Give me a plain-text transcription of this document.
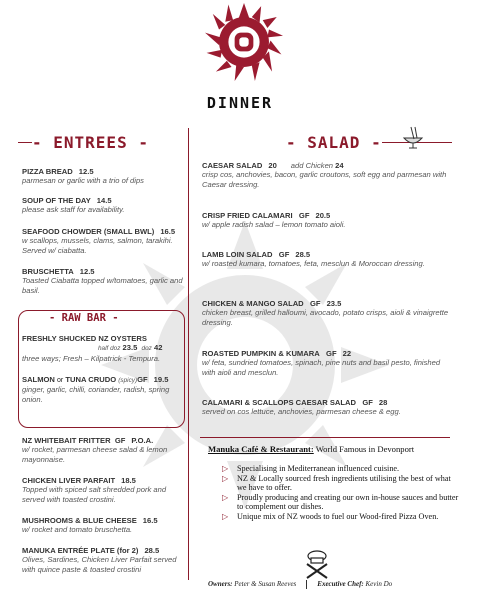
DINNER
- ENTREES -
PIZZA BREAD 12.5
parmesan or garlic with a trio of dips
SOUP OF THE DAY 14.5
please ask staff for availability.
SEAFOOD CHOWDER (SMALL BWL) 16.5
w scallops, mussels, clams, salmon, tarakihi. Served w/ ciabatta.
BRUSCHETTA 12.5
Toasted Ciabatta topped w/tomatoes, garlic and basil.
- RAW BAR -
FRESHLY SHUCKED NZ OYSTERS
half doz 23.5 doz 42
three ways; Fresh – Kilpatrick - Tempura.
SALMON or TUNA CRUDO (spicy)GF 19.5
ginger, garlic, chilli, coriander, radish, spring onion.
NZ WHITEBAIT FRITTER GF P.O.A.
w/ rocket, parmesan cheese salad & lemon mayonnaise.
CHICKEN LIVER PARFAIT 18.5
Topped with spiced salt shredded pork and served with toasted crostini.
MUSHROOMS & BLUE CHEESE 16.5
w/ rocket and tomato bruschetta.
MANUKA ENTRÉE PLATE (for 2) 28.5
Olives, Sardines, Chicken Liver Parfait served with quince paste & toasted crostini
- SALAD -
CAESAR SALAD 20 add Chicken 24
crisp cos, anchovies, bacon, garlic croutons, soft egg and parmesan with Caesar dressing.
CRISP FRIED CALAMARI GF 20.5
w/ apple radish salad – lemon tomato aioli.
LAMB LOIN SALAD GF 28.5
w/ roasted kumara, tomatoes, feta, mesclun & Moroccan dressing.
CHICKEN & MANGO SALAD GF 23.5
chicken breast, grilled halloumi, avocado, potato crisps, aioli & vinaigrette dressing.
ROASTED PUMPKIN & KUMARA GF 22
w/ feta, sundried tomatoes, spinach, pine nuts and basil pesto, finished with aioli and mesclun.
CALAMARI & SCALLOPS CAESAR SALAD GF 28
served on cos lettuce, anchovies, parmesan cheese & egg.
Manuka Café & Restaurant: World Famous in Devonport
▷ Specialising in Mediterranean influenced cuisine.
▷ NZ & Locally sourced fresh ingredients utilising the best of what we have to offer.
▷ Proudly producing and creating our own in-house sauces and butter to complement our dishes.
▷ Unique mix of NZ woods to fuel our Wood-fired Pizza Oven.
Owners: Peter & Susan Reeves	Executive Chef: Kevin Do
